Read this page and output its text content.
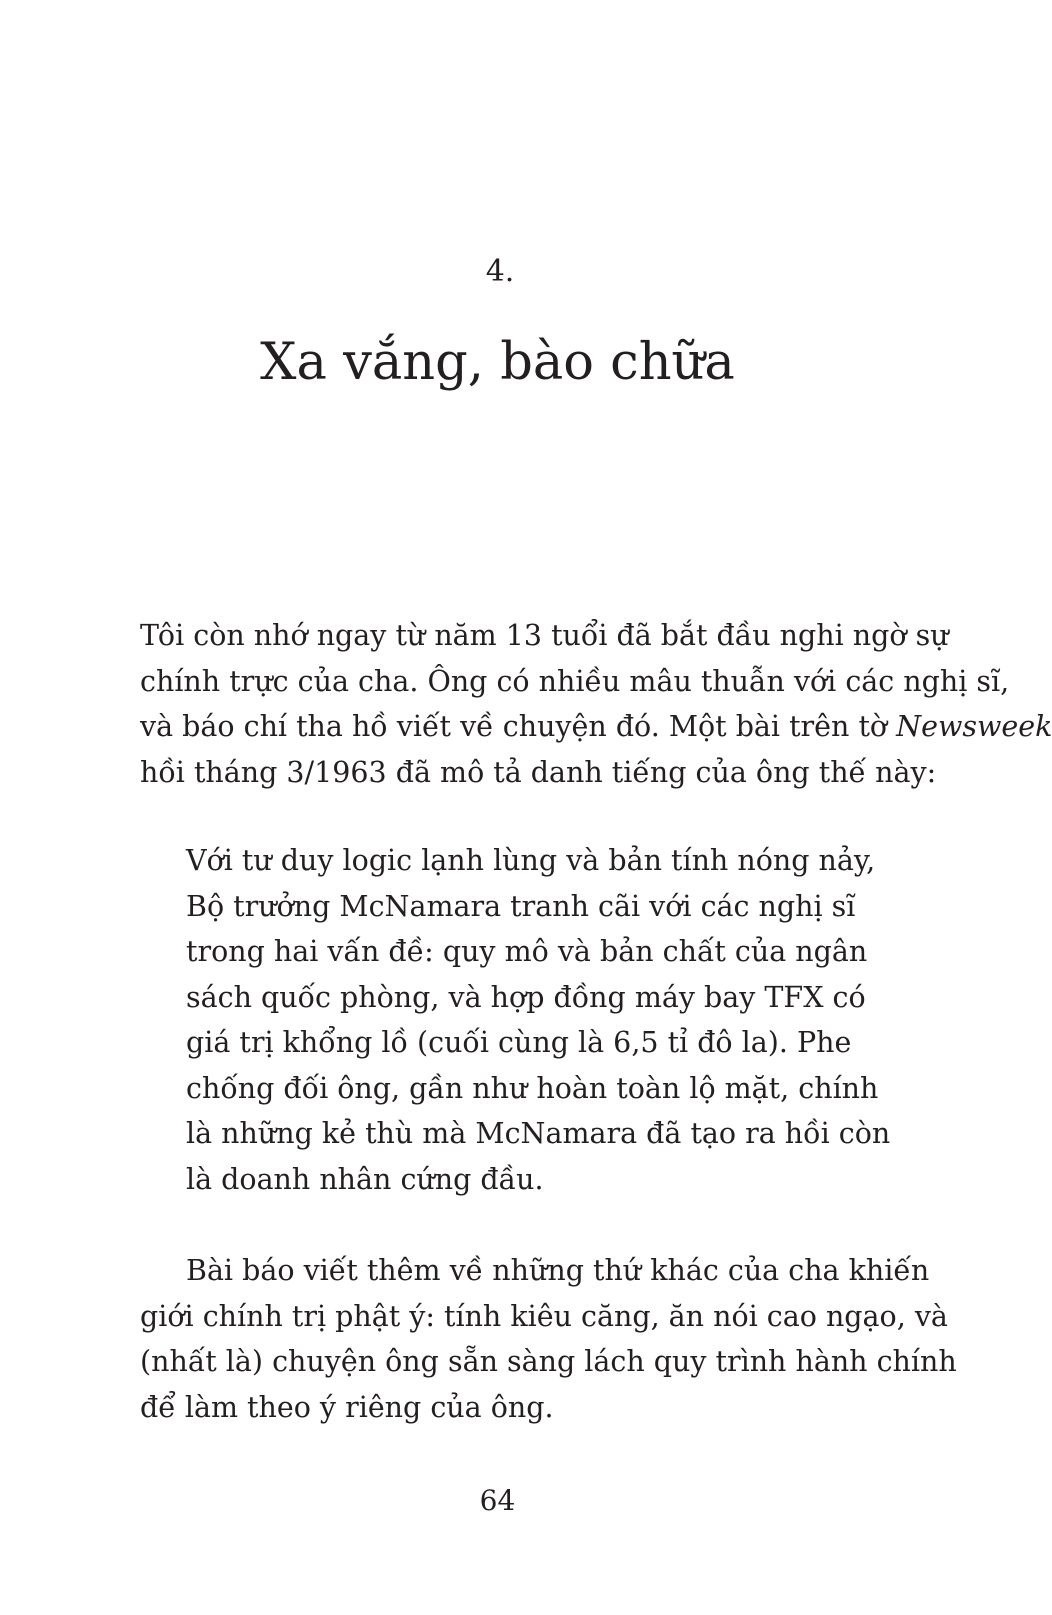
4.
Xa vắng, bào chữa

Tôi còn nhớ ngay từ năm 13 tuổi đã bắt đầu nghi ngờ sự
chính trực của cha. Ông có nhiều mâu thuẫn với các nghị sĩ,
và báo chí tha hồ viết về chuyện đó. Một bài trên tờ Newsweek
hồi tháng 3/1963 đã mô tả danh tiếng của ông thế này:

Với tư duy logic lạnh lùng và bản tính nóng nảy,
Bộ trưởng McNamara tranh cãi với các nghị sĩ
trong hai vấn đề: quy mô và bản chất của ngân
sách quốc phòng, và hợp đồng máy bay TFX có
giá trị khổng lồ (cuối cùng là 6,5 tỉ đô la). Phe
chống đối ông, gần như hoàn toàn lộ mặt, chính
là những kẻ thù mà McNamara đã tạo ra hồi còn
là doanh nhân cứng đầu.

Bài báo viết thêm về những thứ khác của cha khiến
giới chính trị phật ý: tính kiêu căng, ăn nói cao ngạo, và
(nhất là) chuyện ông sẵn sàng lách quy trình hành chính
để làm theo ý riêng của ông.

64
